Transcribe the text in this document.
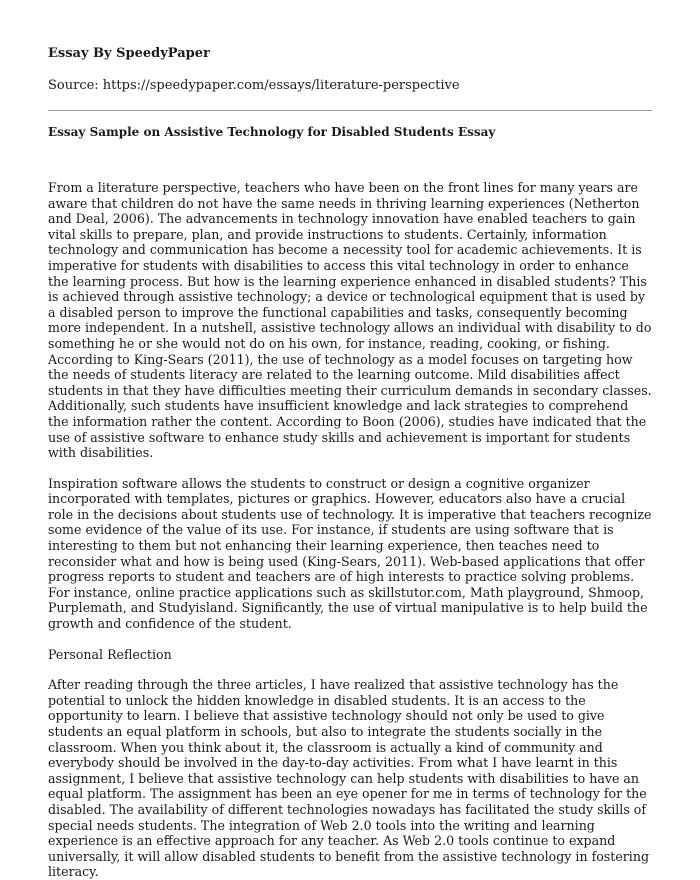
Essay By SpeedyPaper

Source: https://speedypaper.com/essays/literature-perspective

Essay Sample on Assistive Technology for Disabled Students Essay

From a literature perspective, teachers who have been on the front lines for many years are aware that children do not have the same needs in thriving learning experiences (Netherton and Deal, 2006). The advancements in technology innovation have enabled teachers to gain vital skills to prepare, plan, and provide instructions to students. Certainly, information technology and communication has become a necessity tool for academic achievements. It is imperative for students with disabilities to access this vital technology in order to enhance the learning process. But how is the learning experience enhanced in disabled students? This is achieved through assistive technology; a device or technological equipment that is used by a disabled person to improve the functional capabilities and tasks, consequently becoming more independent. In a nutshell, assistive technology allows an individual with disability to do something he or she would not do on his own, for instance, reading, cooking, or fishing. According to King-Sears (2011), the use of technology as a model focuses on targeting how the needs of students literacy are related to the learning outcome. Mild disabilities affect students in that they have difficulties meeting their curriculum demands in secondary classes. Additionally, such students have insufficient knowledge and lack strategies to comprehend the information rather the content. According to Boon (2006), studies have indicated that the use of assistive software to enhance study skills and achievement is important for students with disabilities.

Inspiration software allows the students to construct or design a cognitive organizer incorporated with templates, pictures or graphics. However, educators also have a crucial role in the decisions about students use of technology. It is imperative that teachers recognize some evidence of the value of its use. For instance, if students are using software that is interesting to them but not enhancing their learning experience, then teaches need to reconsider what and how is being used (King-Sears, 2011). Web-based applications that offer progress reports to student and teachers are of high interests to practice solving problems. For instance, online practice applications such as skillstutor.com, Math playground, Shmoop, Purplemath, and Studyisland. Significantly, the use of virtual manipulative is to help build the growth and confidence of the student.

Personal Reflection

After reading through the three articles, I have realized that assistive technology has the potential to unlock the hidden knowledge in disabled students. It is an access to the opportunity to learn. I believe that assistive technology should not only be used to give students an equal platform in schools, but also to integrate the students socially in the classroom. When you think about it, the classroom is actually a kind of community and everybody should be involved in the day-to-day activities. From what I have learnt in this assignment, I believe that assistive technology can help students with disabilities to have an equal platform. The assignment has been an eye opener for me in terms of technology for the disabled. The availability of different technologies nowadays has facilitated the study skills of special needs students. The integration of Web 2.0 tools into the writing and learning experience is an effective approach for any teacher. As Web 2.0 tools continue to expand universally, it will allow disabled students to benefit from the assistive technology in fostering literacy.
